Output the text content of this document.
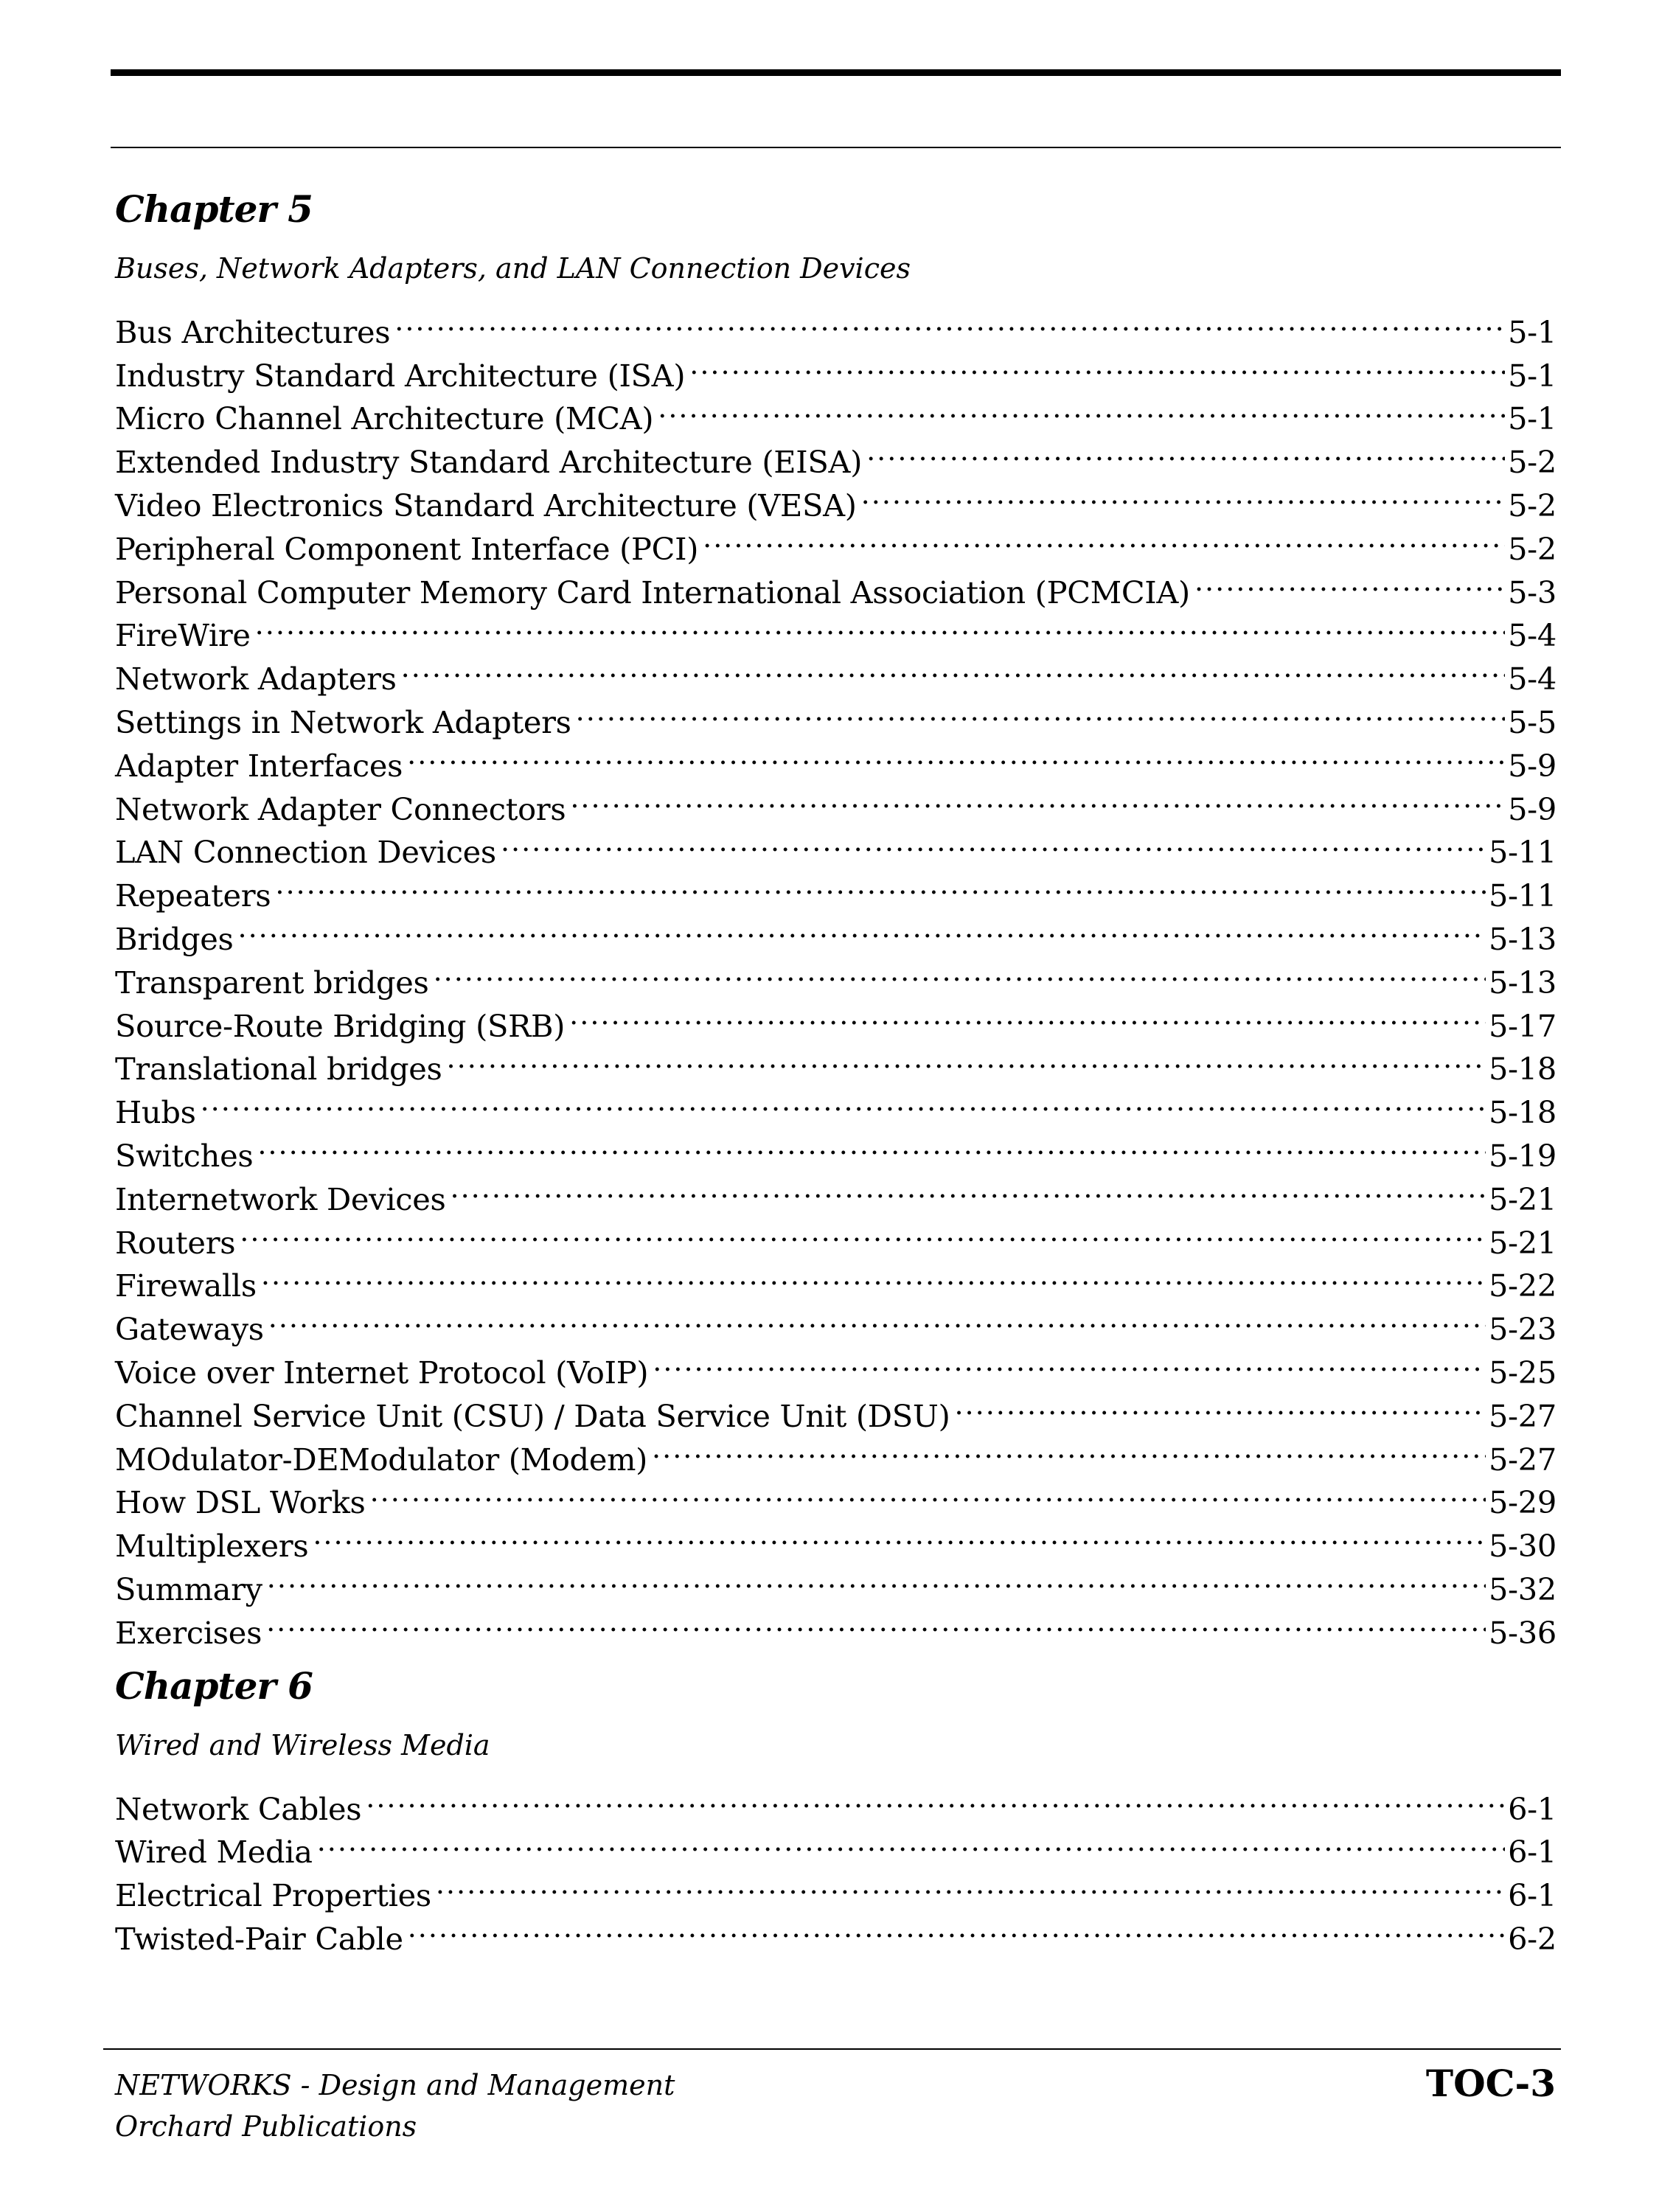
Chapter 5
Buses, Network Adapters, and LAN Connection Devices
Bus Architectures .....	5-1
Industry Standard Architecture (ISA) .....	5-1
Micro Channel Architecture (MCA) .....	5-1
Extended Industry Standard Architecture (EISA) .....	5-2
Video Electronics Standard Architecture (VESA) .....	5-2
Peripheral Component Interface (PCI) .....	5-2
Personal Computer Memory Card International Association (PCMCIA) .....	5-3
FireWire .....	5-4
Network Adapters .....	5-4
Settings in Network Adapters .....	5-5
Adapter Interfaces .....	5-9
Network Adapter Connectors .....	5-9
LAN Connection Devices .....	5-11
Repeaters .....	5-11
Bridges .....	5-13
Transparent bridges .....	5-13
Source-Route Bridging (SRB) .....	5-17
Translational bridges .....	5-18
Hubs .....	5-18
Switches .....	5-19
Internetwork Devices .....	5-21
Routers .....	5-21
Firewalls .....	5-22
Gateways .....	5-23
Voice over Internet Protocol (VoIP) .....	5-25
Channel Service Unit (CSU) / Data Service Unit (DSU) .....	5-27
MOdulator-DEModulator (Modem) .....	5-27
How DSL Works .....	5-29
Multiplexers .....	5-30
Summary .....	5-32
Exercises .....	5-36
Chapter 6
Wired and Wireless Media
Network Cables .....	6-1
Wired Media .....	6-1
Electrical Properties .....	6-1
Twisted-Pair Cable .....	6-2
NETWORKS - Design and Management
Orchard Publications
TOC-3
